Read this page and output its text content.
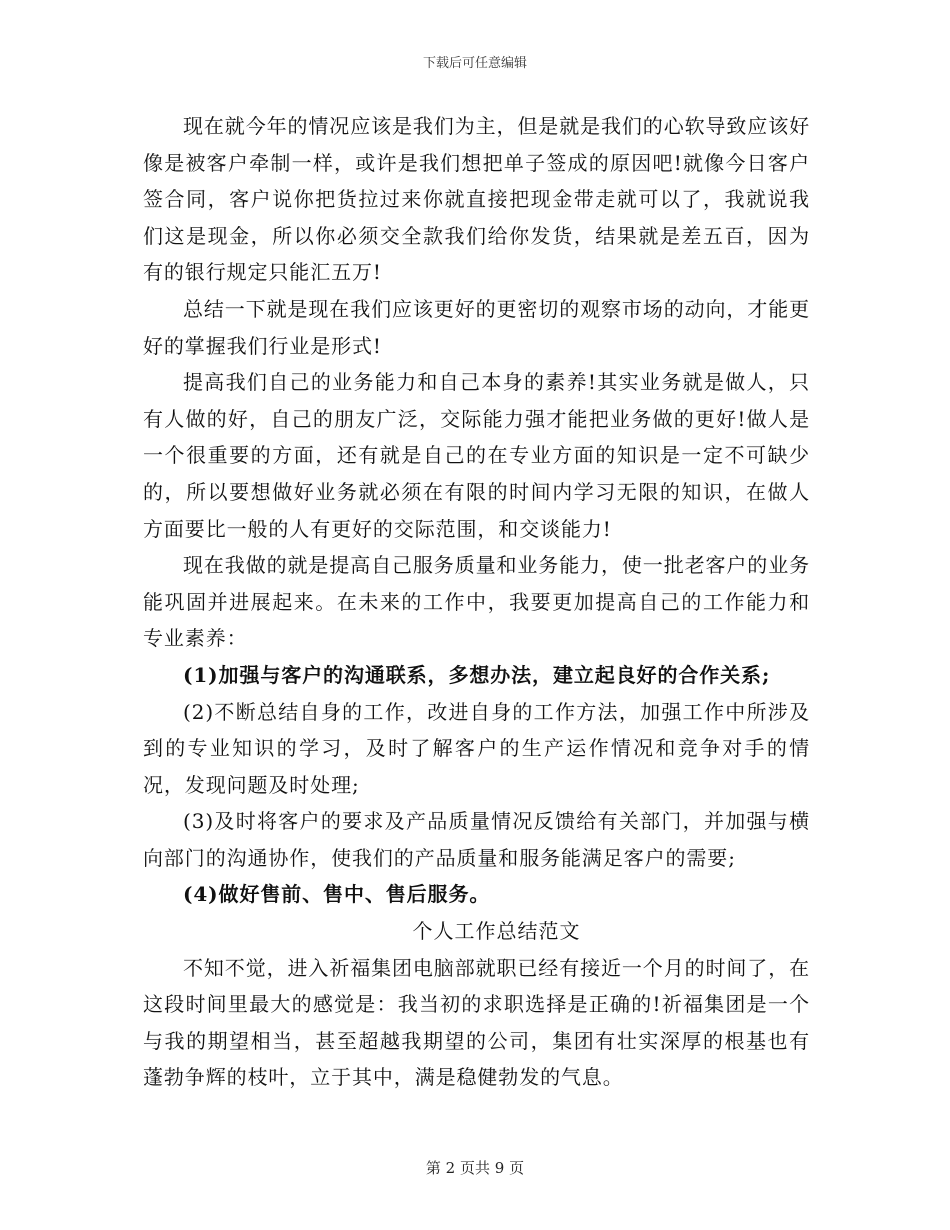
下载后可任意编辑

现在就今年的情况应该是我们为主，但是就是我们的心软导致应该好像是被客户牵制一样，或许是我们想把单子签成的原因吧!就像今日客户签合同，客户说你把货拉过来你就直接把现金带走就可以了，我就说我们这是现金，所以你必须交全款我们给你发货，结果就是差五百，因为有的银行规定只能汇五万!

总结一下就是现在我们应该更好的更密切的观察市场的动向，才能更好的掌握我们行业是形式!

提高我们自己的业务能力和自己本身的素养!其实业务就是做人，只有人做的好，自己的朋友广泛，交际能力强才能把业务做的更好!做人是一个很重要的方面，还有就是自己的在专业方面的知识是一定不可缺少的，所以要想做好业务就必须在有限的时间内学习无限的知识，在做人方面要比一般的人有更好的交际范围，和交谈能力!

现在我做的就是提高自己服务质量和业务能力，使一批老客户的业务能巩固并进展起来。在未来的工作中，我要更加提高自己的工作能力和专业素养：

(1)加强与客户的沟通联系，多想办法，建立起良好的合作关系;

(2)不断总结自身的工作，改进自身的工作方法，加强工作中所涉及到的专业知识的学习，及时了解客户的生产运作情况和竞争对手的情况，发现问题及时处理;

(3)及时将客户的要求及产品质量情况反馈给有关部门，并加强与横向部门的沟通协作，使我们的产品质量和服务能满足客户的需要;

(4)做好售前、售中、售后服务。

个人工作总结范文

不知不觉，进入祈福集团电脑部就职已经有接近一个月的时间了，在这段时间里最大的感觉是：我当初的求职选择是正确的!祈福集团是一个与我的期望相当，甚至超越我期望的公司，集团有壮实深厚的根基也有蓬勃争辉的枝叶，立于其中，满是稳健勃发的气息。

第 2 页共 9 页
